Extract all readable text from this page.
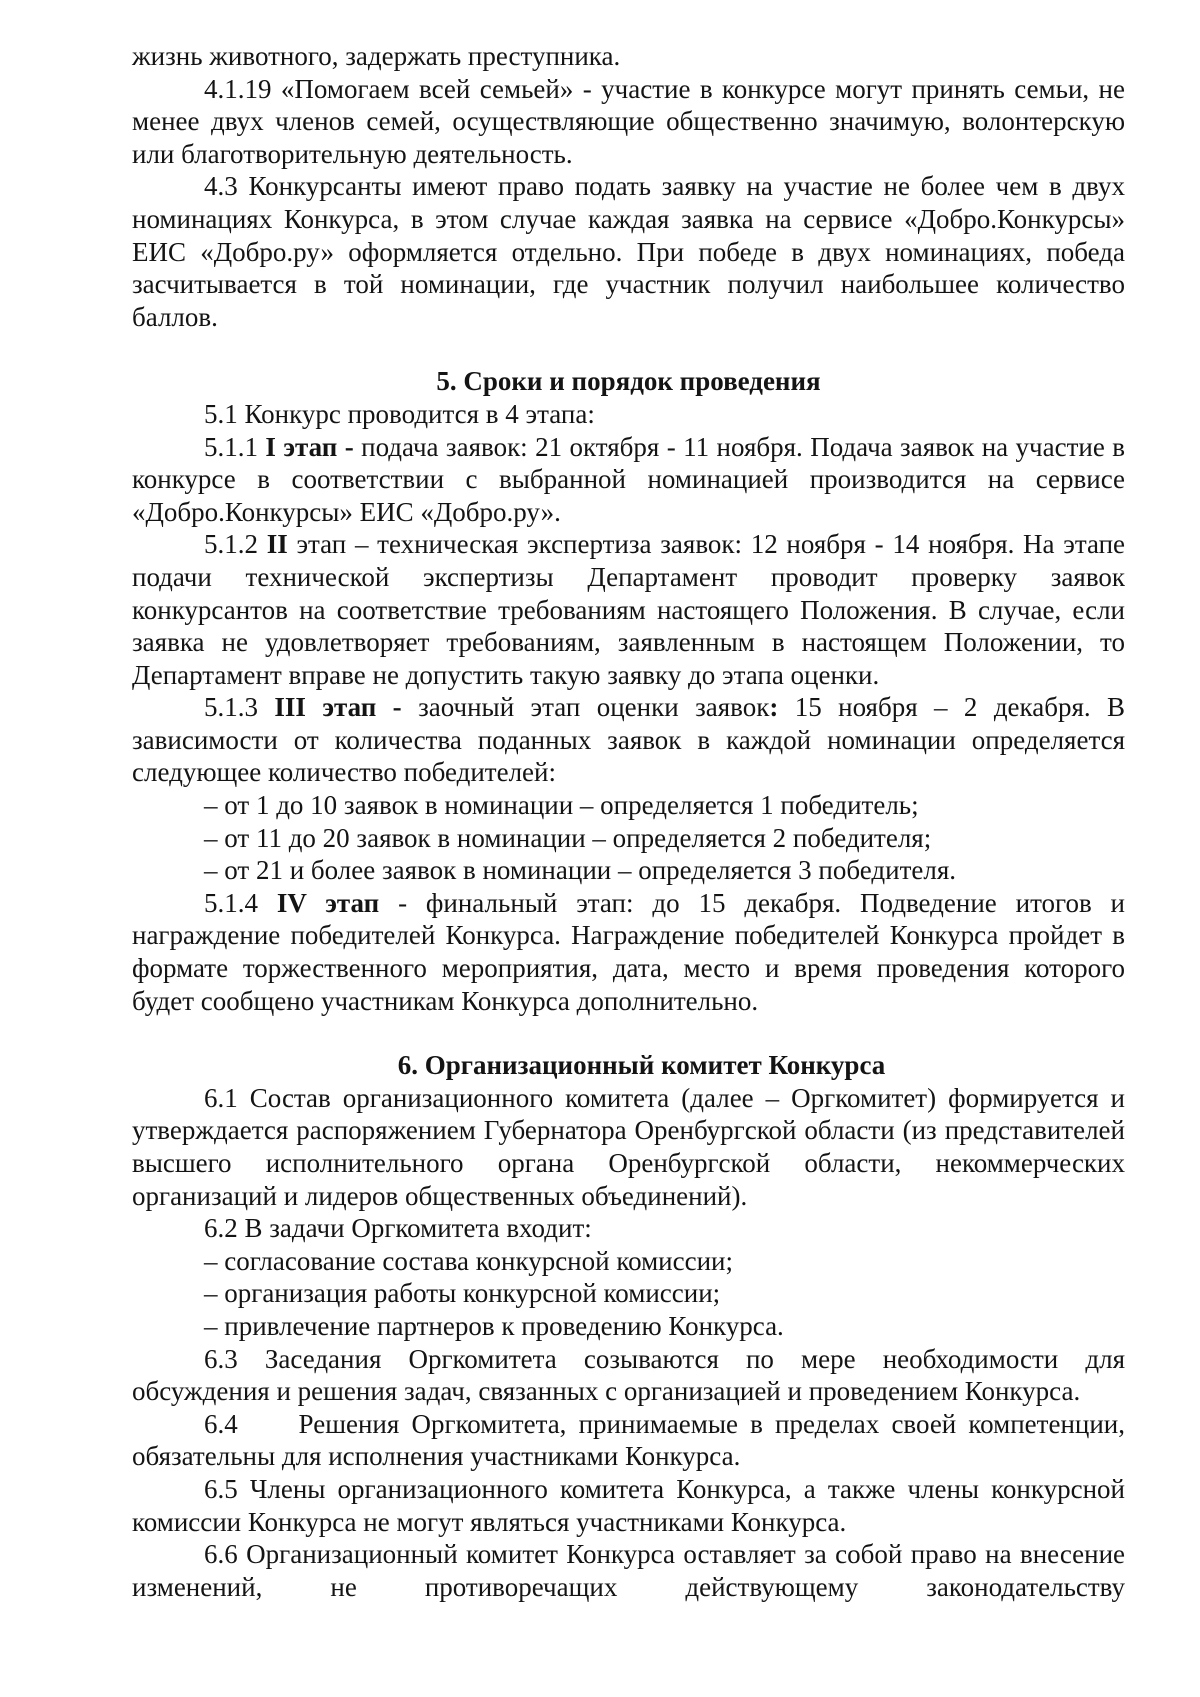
жизнь животного, задержать преступника.

4.1.19 «Помогаем всей семьей» - участие в конкурсе могут принять семьи, не менее двух членов семей, осуществляющие общественно значимую, волонтерскую или благотворительную деятельность.

4.3 Конкурсанты имеют право подать заявку на участие не более чем в двух номинациях Конкурса, в этом случае каждая заявка на сервисе «Добро.Конкурсы» ЕИС «Добро.ру» оформляется отдельно. При победе в двух номинациях, победа засчитывается в той номинации, где участник получил наибольшее количество баллов.

5. Сроки и порядок проведения

5.1 Конкурс проводится в 4 этапа:

5.1.1 I этап - подача заявок: 21 октября - 11 ноября. Подача заявок на участие в конкурсе в соответствии с выбранной номинацией производится на сервисе «Добро.Конкурсы» ЕИС «Добро.ру».

5.1.2 II этап – техническая экспертиза заявок: 12 ноября - 14 ноября. На этапе подачи технической экспертизы Департамент проводит проверку заявок конкурсантов на соответствие требованиям настоящего Положения. В случае, если заявка не удовлетворяет требованиям, заявленным в настоящем Положении, то Департамент вправе не допустить такую заявку до этапа оценки.

5.1.3 III этап - заочный этап оценки заявок: 15 ноября – 2 декабря. В зависимости от количества поданных заявок в каждой номинации определяется следующее количество победителей:

– от 1 до 10 заявок в номинации – определяется 1 победитель;

– от 11 до 20 заявок в номинации – определяется 2 победителя;

– от 21 и более заявок в номинации – определяется 3 победителя.

5.1.4 IV этап - финальный этап: до 15 декабря. Подведение итогов и награждение победителей Конкурса. Награждение победителей Конкурса пройдет в формате торжественного мероприятия, дата, место и время проведения которого будет сообщено участникам Конкурса дополнительно.

6. Организационный комитет Конкурса

6.1 Состав организационного комитета (далее – Оргкомитет) формируется и утверждается распоряжением Губернатора Оренбургской области (из представителей высшего исполнительного органа Оренбургской области, некоммерческих организаций и лидеров общественных объединений).

6.2 В задачи Оргкомитета входит:

– согласование состава конкурсной комиссии;

– организация работы конкурсной комиссии;

– привлечение партнеров к проведению Конкурса.

6.3 Заседания Оргкомитета созываются по мере необходимости для обсуждения и решения задач, связанных с организацией и проведением Конкурса.

6.4     Решения Оргкомитета, принимаемые в пределах своей компетенции, обязательны для исполнения участниками Конкурса.

6.5 Члены организационного комитета Конкурса, а также члены конкурсной комиссии Конкурса не могут являться участниками Конкурса.

6.6 Организационный комитет Конкурса оставляет за собой право на внесение изменений, не противоречащих действующему законодательству
